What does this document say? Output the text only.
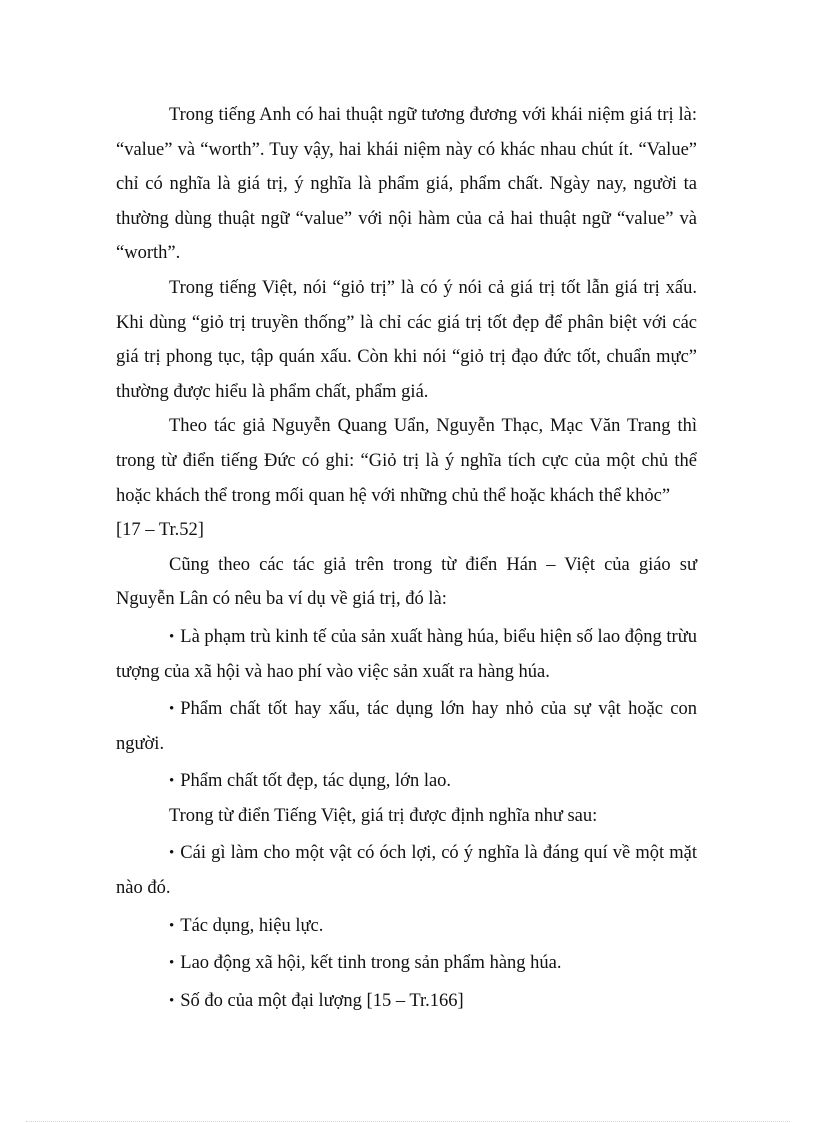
Trong tiếng Anh có hai thuật ngữ tương đương với khái niệm giá trị là: “value” và “worth”. Tuy vậy, hai khái niệm này có khác nhau chút ít. “Value” chỉ có nghĩa là giá trị, ý nghĩa là phẩm giá, phẩm chất. Ngày nay, người ta thường dùng thuật ngữ “value” với nội hàm của cả hai thuật ngữ “value” và “worth”.

Trong tiếng Việt, nói “giỏ trị” là có ý nói cả giá trị tốt lẫn giá trị xấu. Khi dùng “giỏ trị truyền thống” là chỉ các giá trị tốt đẹp để phân biệt với các giá trị phong tục, tập quán xấu. Còn khi nói “giỏ trị đạo đức tốt, chuẩn mực” thường được hiểu là phẩm chất, phẩm giá.

Theo tác giả Nguyễn Quang Uẩn, Nguyễn Thạc, Mạc Văn Trang thì trong từ điển tiếng Đức có ghi: “Giỏ trị là ý nghĩa tích cực của một chủ thể hoặc khách thể trong mối quan hệ với những chủ thể hoặc khách thể khỏc”

[17 – Tr.52]

Cũng theo các tác giả trên trong từ điển Hán – Việt của giáo sư Nguyễn Lân có nêu ba ví dụ về giá trị, đó là:

• Là phạm trù kinh tế của sản xuất hàng húa, biểu hiện số lao động trừu tượng của xã hội và hao phí vào việc sản xuất ra hàng húa.

• Phẩm chất tốt hay xấu, tác dụng lớn hay nhỏ của sự vật hoặc con người.

• Phẩm chất tốt đẹp, tác dụng, lớn lao.

Trong từ điển Tiếng Việt, giá trị được định nghĩa như sau:

• Cái gì làm cho một vật có óch lợi, có ý nghĩa là đáng quí về một mặt nào đó.

• Tác dụng, hiệu lực.

• Lao động xã hội, kết tinh trong sản phẩm hàng húa.

• Số đo của một đại lượng [15 – Tr.166]
